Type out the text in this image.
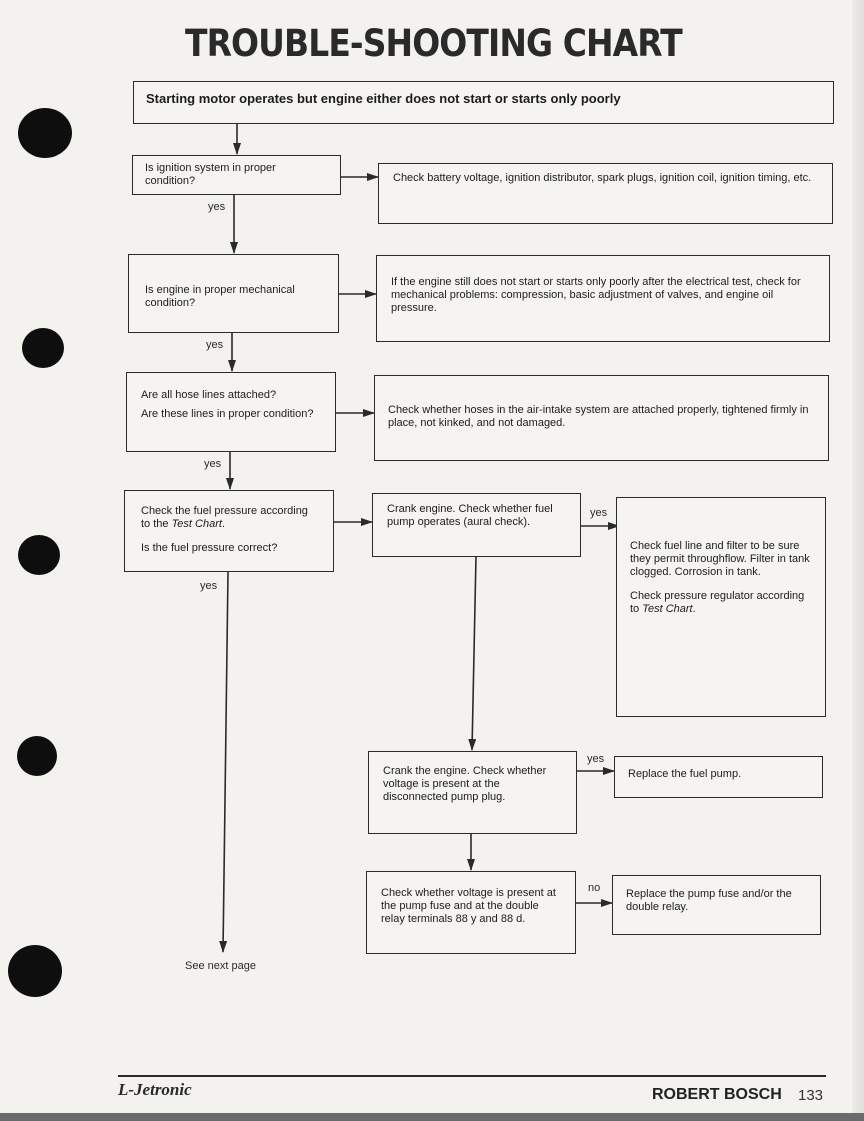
TROUBLE-SHOOTING CHART
Starting motor operates but engine either does not start or starts only poorly
Is ignition system in proper condition?	Check battery voltage, ignition distributor, spark plugs, ignition coil, ignition timing, etc.
yes
Is engine in proper mechanical condition?
If the engine still does not start or starts only poorly after the electrical test, check for mechanical problems: compression, basic adjustment of valves, and engine oil pressure.
yes
Are all hose lines attached?
Are these lines in proper condition?	Check whether hoses in the air-intake system are attached properly, tightened firmly in place, not kinked, and not damaged.
yes
Check the fuel pressure according to the Test Chart.
Is the fuel pressure correct?
yes
Crank engine. Check whether fuel pump operates (aural check).
yes
Check fuel line and filter to be sure they permit throughflow. Filter in tank clogged. Corrosion in tank.
Check pressure regulator according to Test Chart.
Crank the engine. Check whether voltage is present at the disconnected pump plug.
yes
Replace the fuel pump.
Check whether voltage is present at the pump fuse and at the double relay terminals 88 y and 88 d.
no	Replace the pump fuse and/or the double relay.
See next page
L-Jetronic	ROBERT BOSCH 133
